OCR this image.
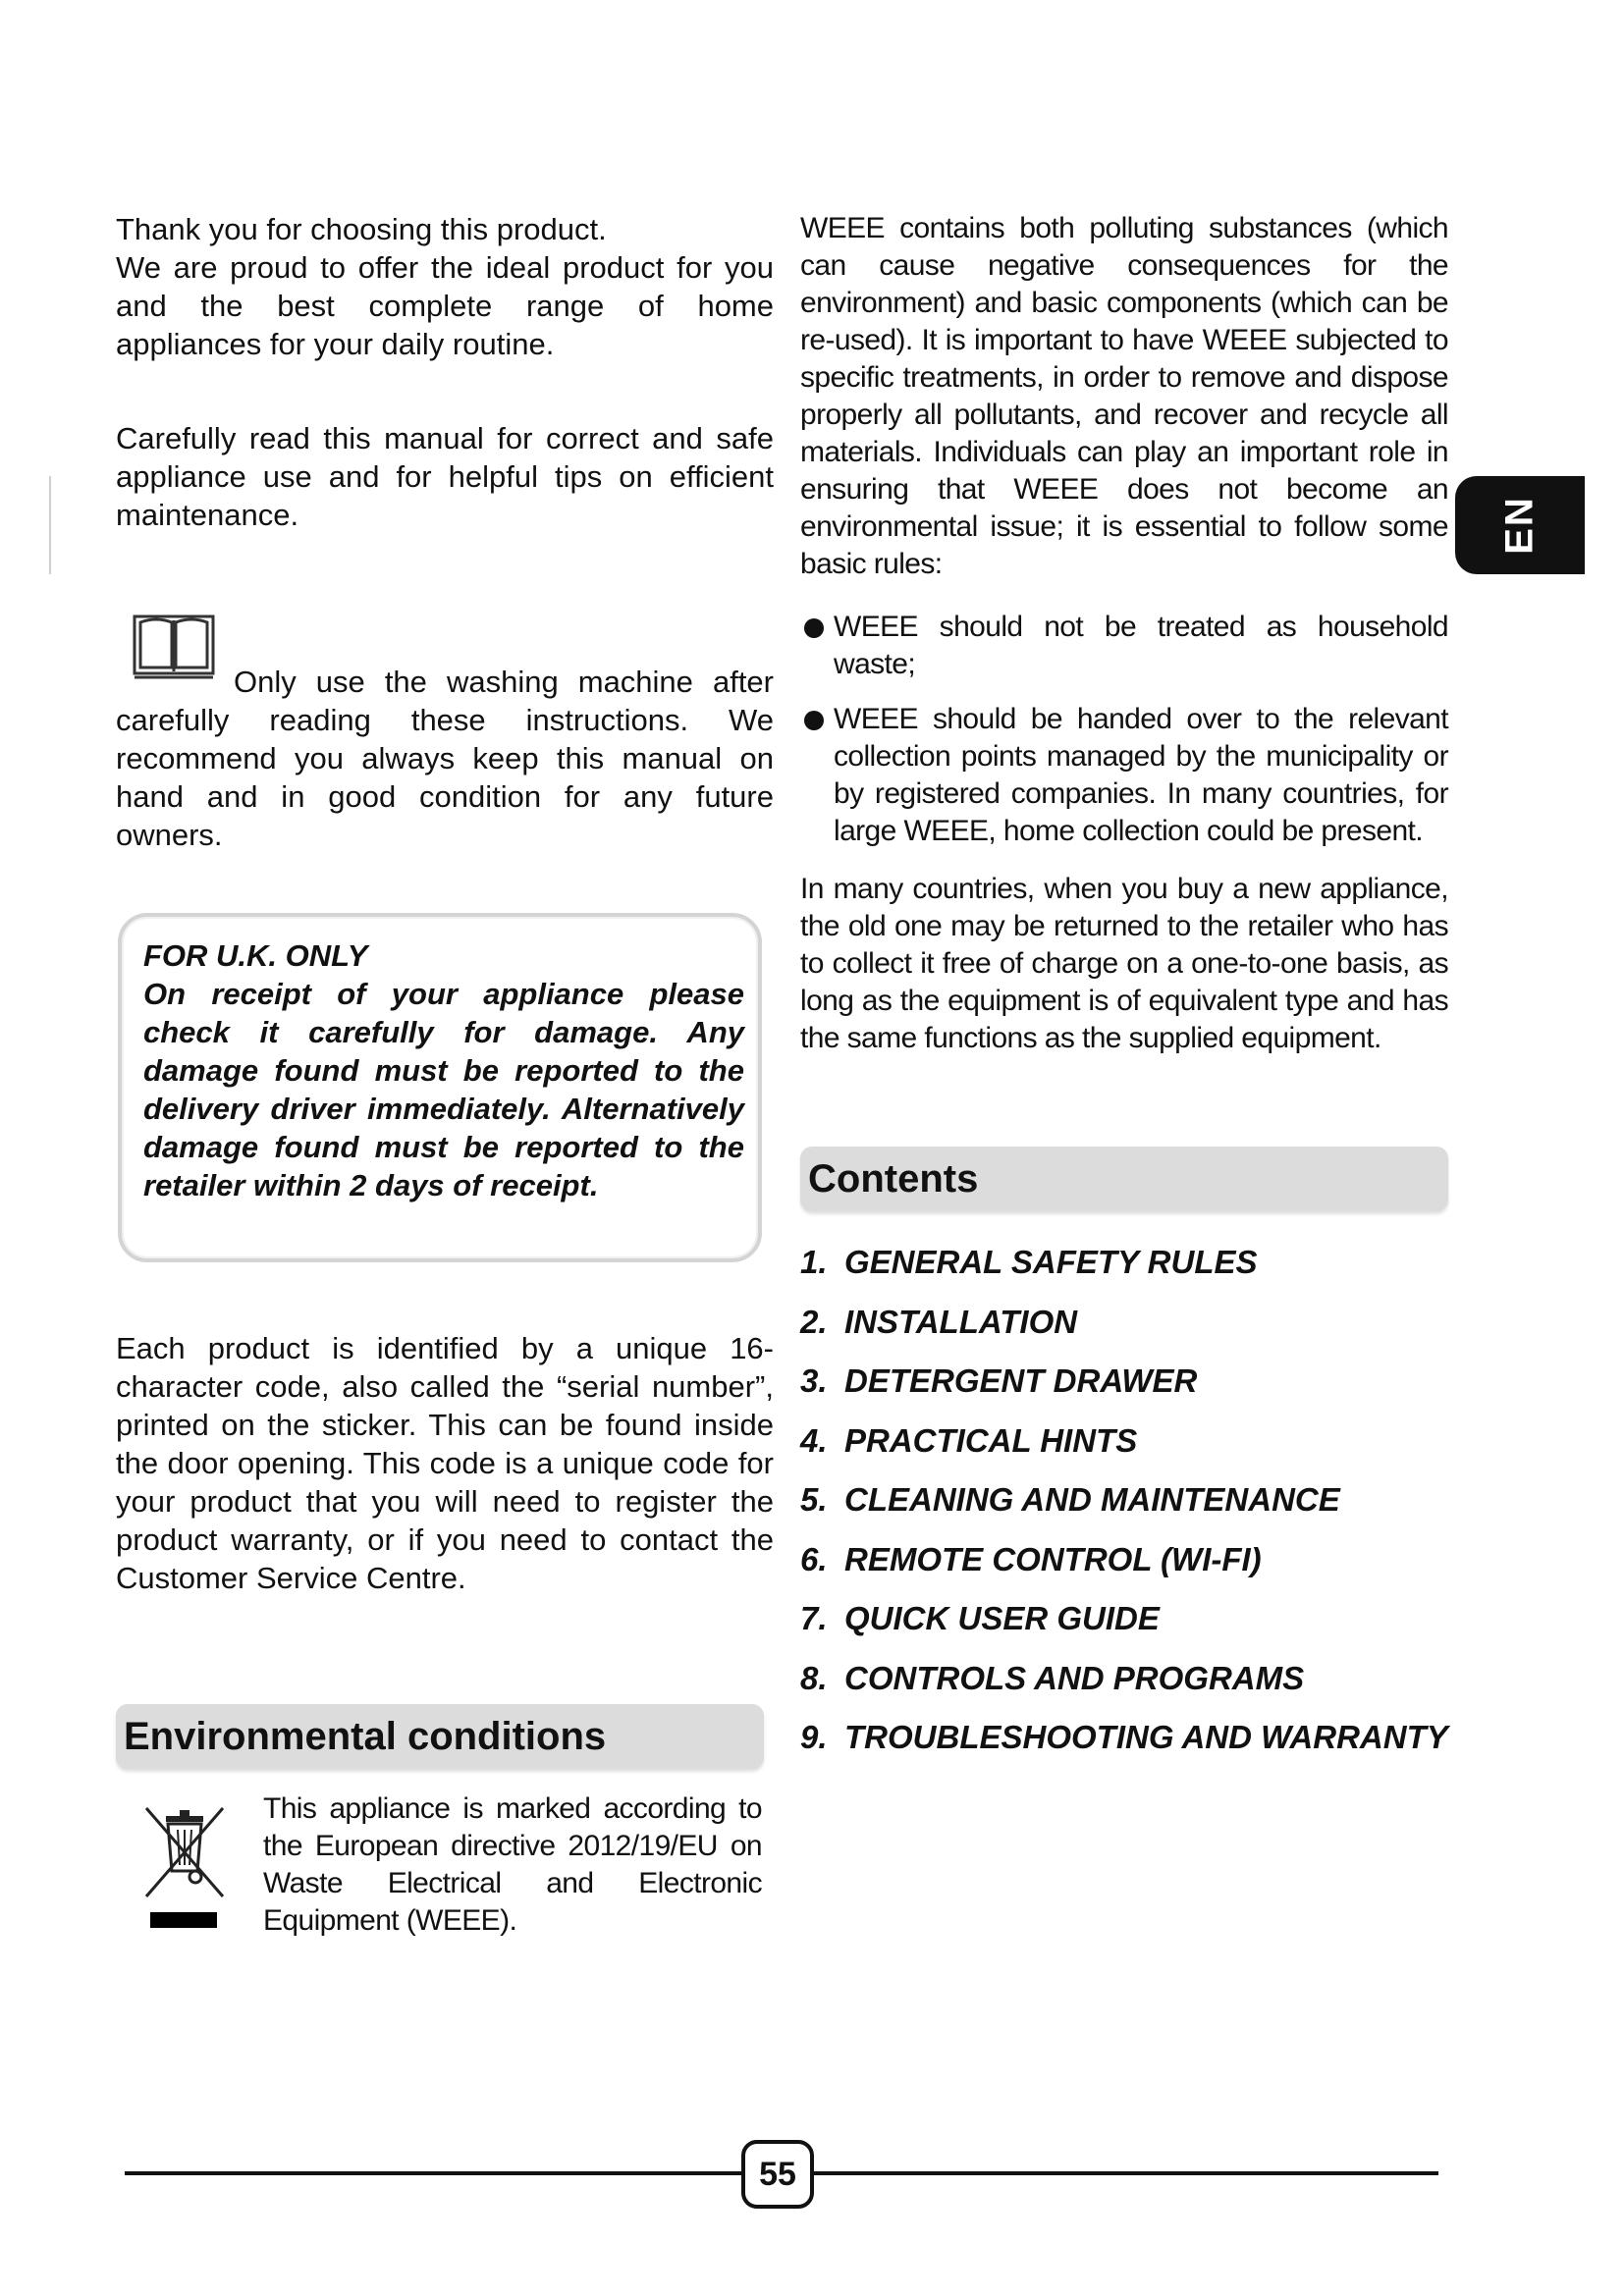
EN

Thank you for choosing this product.
We are proud to offer the ideal product for you and the best complete range of home appliances for your daily routine.

Carefully read this manual for correct and safe appliance use and for helpful tips on efficient maintenance.

Only use the washing machine after carefully reading these instructions. We recommend you always keep this manual on hand and in good condition for any future owners.

FOR U.K. ONLY
On receipt of your appliance please check it carefully for damage. Any damage found must be reported to the delivery driver immediately. Alternatively damage found must be reported to the retailer within 2 days of receipt.

Each product is identified by a unique 16-character code, also called the “serial number”, printed on the sticker. This can be found inside the door opening. This code is a unique code for your product that you will need to register the product warranty, or if you need to contact the Customer Service Centre.

Environmental conditions

This appliance is marked according to the European directive 2012/19/EU on Waste Electrical and Electronic Equipment (WEEE).

WEEE contains both polluting substances (which can cause negative consequences for the environment) and basic components (which can be re-used). It is important to have WEEE subjected to specific treatments, in order to remove and dispose properly all pollutants, and recover and recycle all materials. Individuals can play an important role in ensuring that WEEE does not become an environmental issue; it is essential to follow some basic rules:

WEEE should not be treated as household waste;

WEEE should be handed over to the relevant collection points managed by the municipality or by registered companies. In many countries, for large WEEE, home collection could be present.

In many countries, when you buy a new appliance, the old one may be returned to the retailer who has to collect it free of charge on a one-to-one basis, as long as the equipment is of equivalent type and has the same functions as the supplied equipment.

Contents
1. GENERAL SAFETY RULES
2. INSTALLATION
3. DETERGENT DRAWER
4. PRACTICAL HINTS
5. CLEANING AND MAINTENANCE
6. REMOTE CONTROL (WI-FI)
7. QUICK USER GUIDE
8. CONTROLS AND PROGRAMS
9. TROUBLESHOOTING AND WARRANTY
55
